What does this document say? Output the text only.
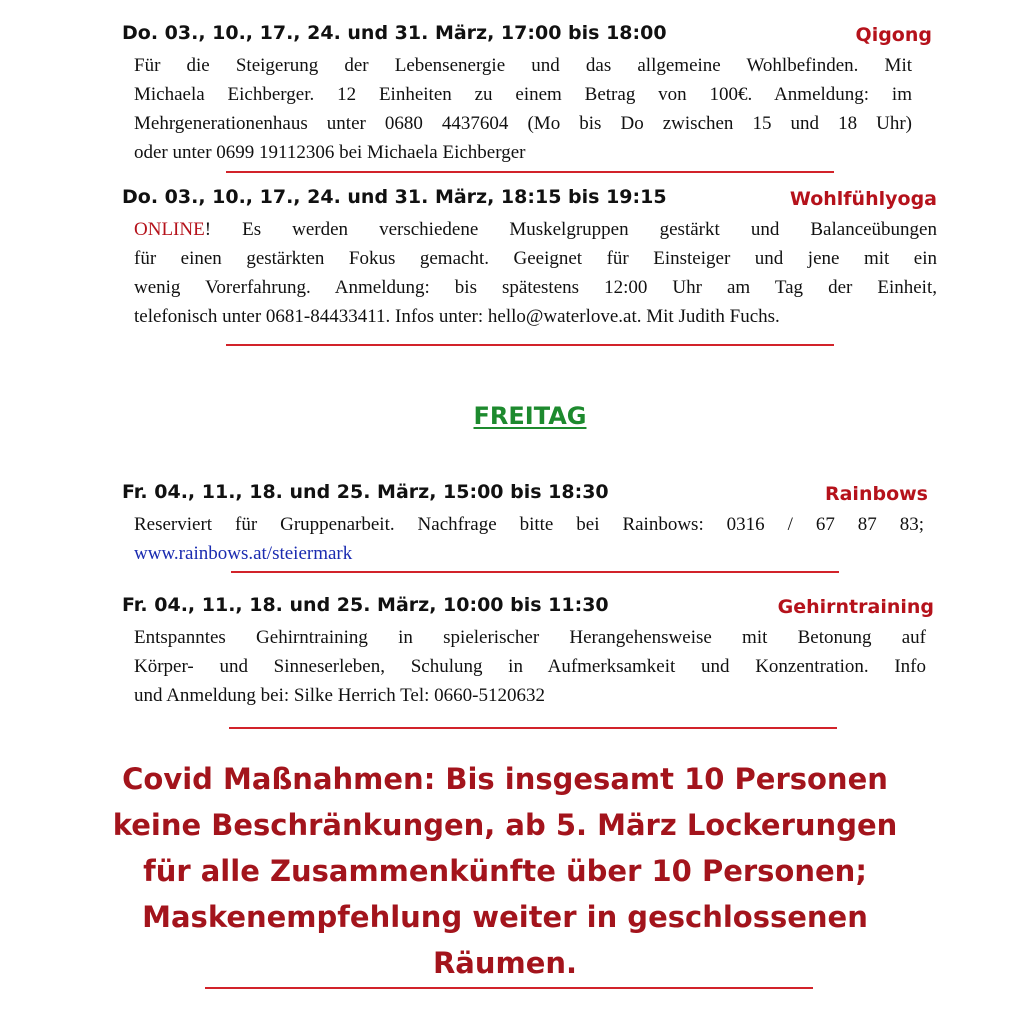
Do. 03., 10., 17., 24. und 31. März, 17:00 bis 18:00	Qigong
Für die Steigerung der Lebensenergie und das allgemeine Wohlbefinden. Mit
Michaela Eichberger. 12 Einheiten zu einem Betrag von 100€. Anmeldung: im
Mehrgenerationenhaus unter 0680 4437604 (Mo bis Do zwischen 15 und 18 Uhr)
oder unter 0699 19112306 bei Michaela Eichberger
Do. 03., 10., 17., 24. und 31. März, 18:15 bis 19:15	Wohlfühlyoga
ONLINE! Es werden verschiedene Muskelgruppen gestärkt und Balanceübungen
für einen gestärkten Fokus gemacht. Geeignet für Einsteiger und jene mit ein
wenig Vorerfahrung. Anmeldung: bis spätestens 12:00 Uhr am Tag der Einheit,
telefonisch unter 0681-84433411. Infos unter: hello@waterlove.at. Mit Judith Fuchs.
FREITAG
Fr. 04., 11., 18. und 25. März, 15:00 bis 18:30	Rainbows
Reserviert für Gruppenarbeit. Nachfrage bitte bei Rainbows: 0316 / 67 87 83;
www.rainbows.at/steiermark
Fr. 04., 11., 18. und 25. März, 10:00 bis 11:30	Gehirntraining
Entspanntes Gehirntraining in spielerischer Herangehensweise mit Betonung auf
Körper- und Sinneserleben, Schulung in Aufmerksamkeit und Konzentration. Info
und Anmeldung bei: Silke Herrich Tel: 0660-5120632
Covid Maßnahmen: Bis insgesamt 10 Personen
keine Beschränkungen, ab 5. März Lockerungen
für alle Zusammenkünfte über 10 Personen;
Maskenempfehlung weiter in geschlossenen
Räumen.
